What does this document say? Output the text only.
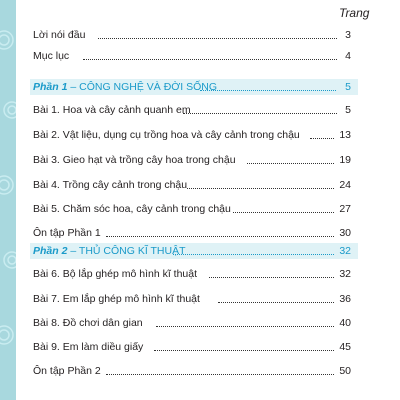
Trang
Lời nói đầu	3
Mục lục	4
Phần 1 – CÔNG NGHỆ VÀ ĐỜI SỐNG	5
Bài 1. Hoa và cây cảnh quanh em	5
Bài 2. Vật liệu, dụng cụ trồng hoa và cây cảnh trong chậu	13
Bài 3. Gieo hạt và trồng cây hoa trong chậu	19
Bài 4. Trồng cây cảnh trong chậu	24
Bài 5. Chăm sóc hoa, cây cảnh trong chậu	27
Ôn tập Phần 1	30
Phần 2 – THỦ CÔNG KĨ THUẬT	32
Bài 6. Bộ lắp ghép mô hình kĩ thuật	32
Bài 7. Em lắp ghép mô hình kĩ thuật	36
Bài 8. Đồ chơi dân gian	40
Bài 9. Em làm diều giấy	45
Ôn tập Phần 2	50
